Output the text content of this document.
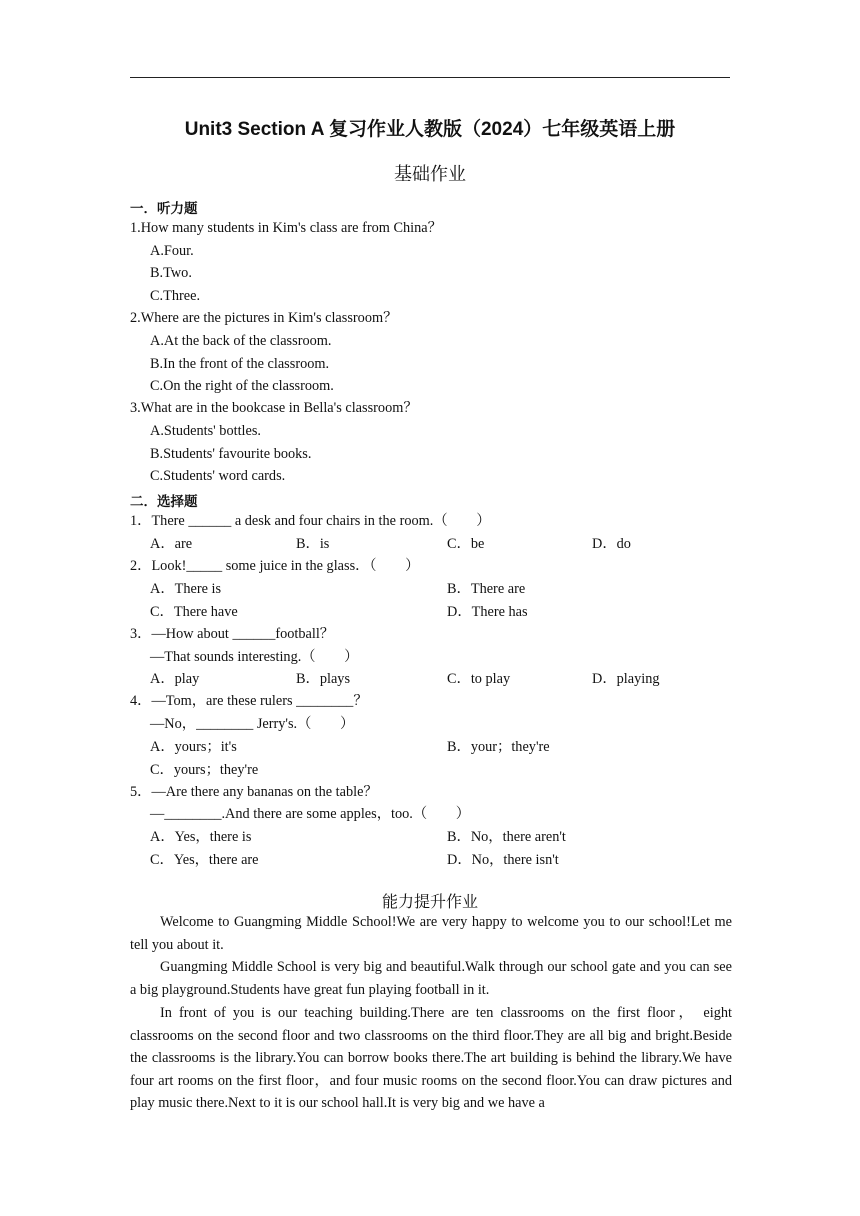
Unit3 Section A 复习作业人教版（2024）七年级英语上册
基础作业
一．听力题
1.How many students in Kim's class are from China？
A.Four.
B.Two.
C.Three.
2.Where are the pictures in Kim's classroom？
A.At the back of the classroom.
B.In the front of the classroom.
C.On the right of the classroom.
3.What are in the bookcase in Bella's classroom？
A.Students' bottles.
B.Students' favourite books.
C.Students' word cards.
二．选择题
1．There ______ a desk and four chairs in the room.（　　）
A．are	B．is	C．be	D．do
2．Look!_____ some juice in the glass．（　　）
A．There is	B．There are
C．There have	D．There has
3．—How about ______football？
—That sounds interesting.（　　）
A．play	B．plays	C．to play	D．playing
4．—Tom，are these rulers ________？
—No，________ Jerry's.（　　）
A．yours；it's	B．your；they're
C．yours；they're
5．—Are there any bananas on the table？
—________.And there are some apples，too.（　　）
A．Yes，there is	B．No，there aren't
C．Yes，there are	D．No，there isn't
能力提升作业

Welcome to Guangming Middle School!We are very happy to welcome you to our school!Let me tell you about it.

Guangming Middle School is very big and beautiful.Walk through our school gate and you can see a big playground.Students have great fun playing football in it.

In front of you is our teaching building.There are ten classrooms on the first floor， eight classrooms on the second floor and two classrooms on the third floor.They are all big and bright.Beside the classrooms is the library.You can borrow books there.The art building is behind the library.We have four art rooms on the first floor，and four music rooms on the second floor.You can draw pictures and play music there.Next to it is our school hall.It is very big and we have a
